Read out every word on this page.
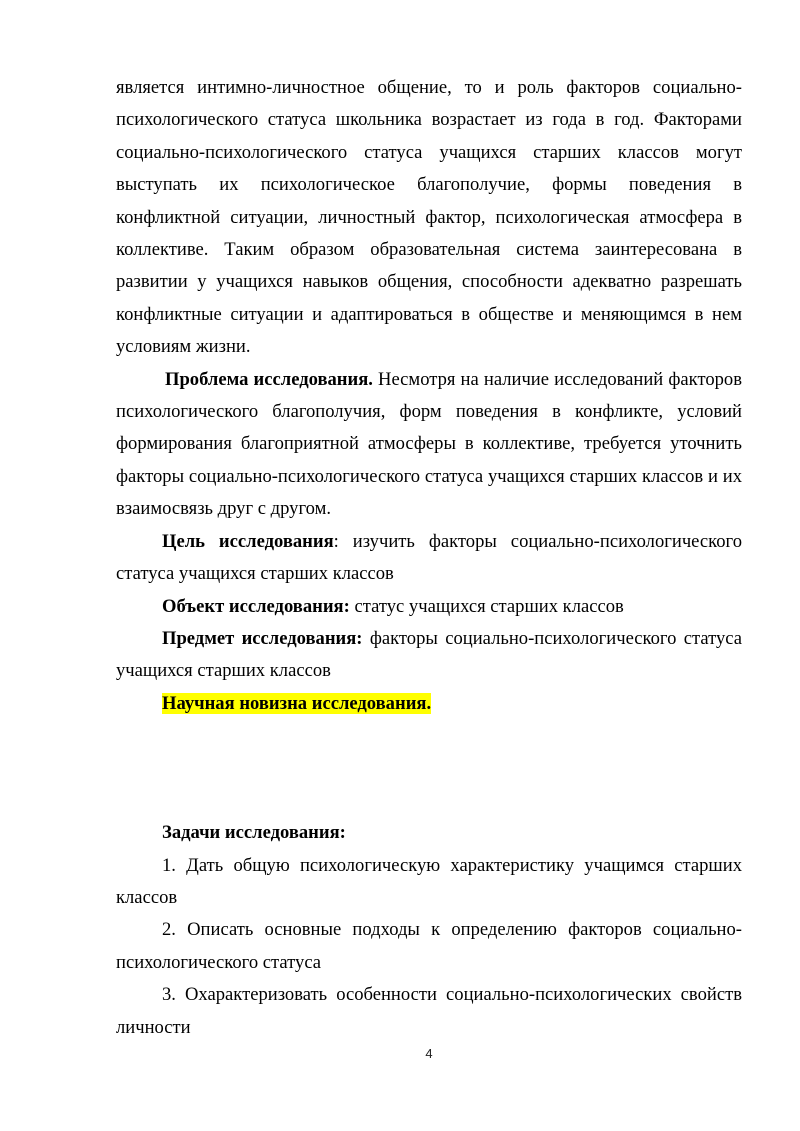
является интимно-личностное общение, то и роль факторов социально-психологического статуса школьника возрастает из года в год. Факторами социально-психологического статуса учащихся старших классов могут выступать их психологическое благополучие, формы поведения в конфликтной ситуации, личностный фактор, психологическая атмосфера в коллективе. Таким образом образовательная система заинтересована в развитии у учащихся навыков общения, способности адекватно разрешать конфликтные ситуации и адаптироваться в обществе и меняющимся в нем условиям жизни.

Проблема исследования. Несмотря на наличие исследований факторов психологического благополучия, форм поведения в конфликте, условий формирования благоприятной атмосферы в коллективе, требуется уточнить факторы социально-психологического статуса учащихся старших классов и их взаимосвязь друг с другом.

Цель исследования: изучить факторы социально-психологического статуса учащихся старших классов

Объект исследования: статус учащихся старших классов

Предмет исследования: факторы социально-психологического статуса учащихся старших классов

Научная новизна исследования.

Задачи исследования:

1. Дать общую психологическую характеристику учащимся старших классов

2. Описать основные подходы к определению факторов социально-психологического статуса

3. Охарактеризовать особенности социально-психологических свойств личности

4
